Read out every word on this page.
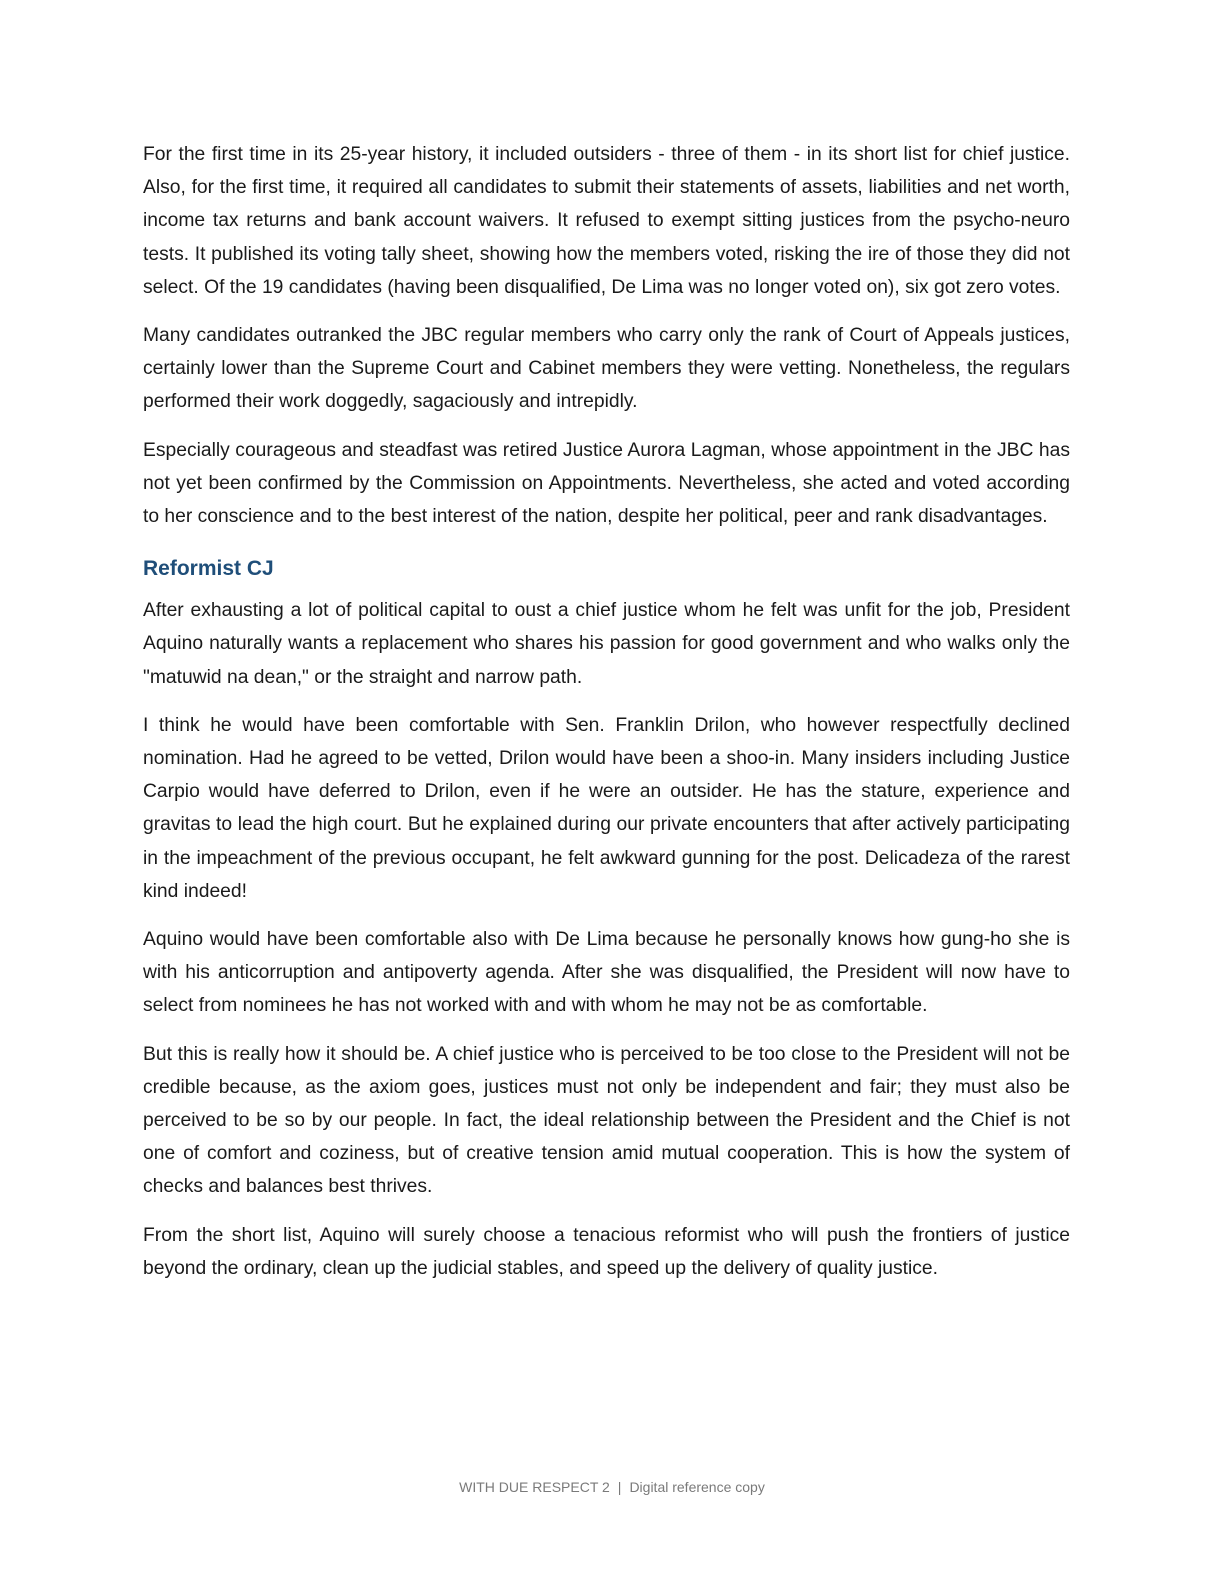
For the first time in its 25-year history, it included outsiders - three of them - in its short list for chief justice. Also, for the first time, it required all candidates to submit their statements of assets, liabilities and net worth, income tax returns and bank account waivers. It refused to exempt sitting justices from the psycho-neuro tests. It published its voting tally sheet, showing how the members voted, risking the ire of those they did not select. Of the 19 candidates (having been disqualified, De Lima was no longer voted on), six got zero votes.

Many candidates outranked the JBC regular members who carry only the rank of Court of Appeals justices, certainly lower than the Supreme Court and Cabinet members they were vetting. Nonetheless, the regulars performed their work doggedly, sagaciously and intrepidly.

Especially courageous and steadfast was retired Justice Aurora Lagman, whose appointment in the JBC has not yet been confirmed by the Commission on Appointments. Nevertheless, she acted and voted according to her conscience and to the best interest of the nation, despite her political, peer and rank disadvantages.

Reformist CJ

After exhausting a lot of political capital to oust a chief justice whom he felt was unfit for the job, President Aquino naturally wants a replacement who shares his passion for good government and who walks only the "matuwid na dean," or the straight and narrow path.

I think he would have been comfortable with Sen. Franklin Drilon, who however respectfully declined nomination. Had he agreed to be vetted, Drilon would have been a shoo-in. Many insiders including Justice Carpio would have deferred to Drilon, even if he were an outsider. He has the stature, experience and gravitas to lead the high court. But he explained during our private encounters that after actively participating in the impeachment of the previous occupant, he felt awkward gunning for the post. Delicadeza of the rarest kind indeed!

Aquino would have been comfortable also with De Lima because he personally knows how gung-ho she is with his anticorruption and antipoverty agenda. After she was disqualified, the President will now have to select from nominees he has not worked with and with whom he may not be as comfortable.

But this is really how it should be. A chief justice who is perceived to be too close to the President will not be credible because, as the axiom goes, justices must not only be independent and fair; they must also be perceived to be so by our people. In fact, the ideal relationship between the President and the Chief is not one of comfort and coziness, but of creative tension amid mutual cooperation. This is how the system of checks and balances best thrives.

From the short list, Aquino will surely choose a tenacious reformist who will push the frontiers of justice beyond the ordinary, clean up the judicial stables, and speed up the delivery of quality justice.

WITH DUE RESPECT 2 | Digital reference copy
